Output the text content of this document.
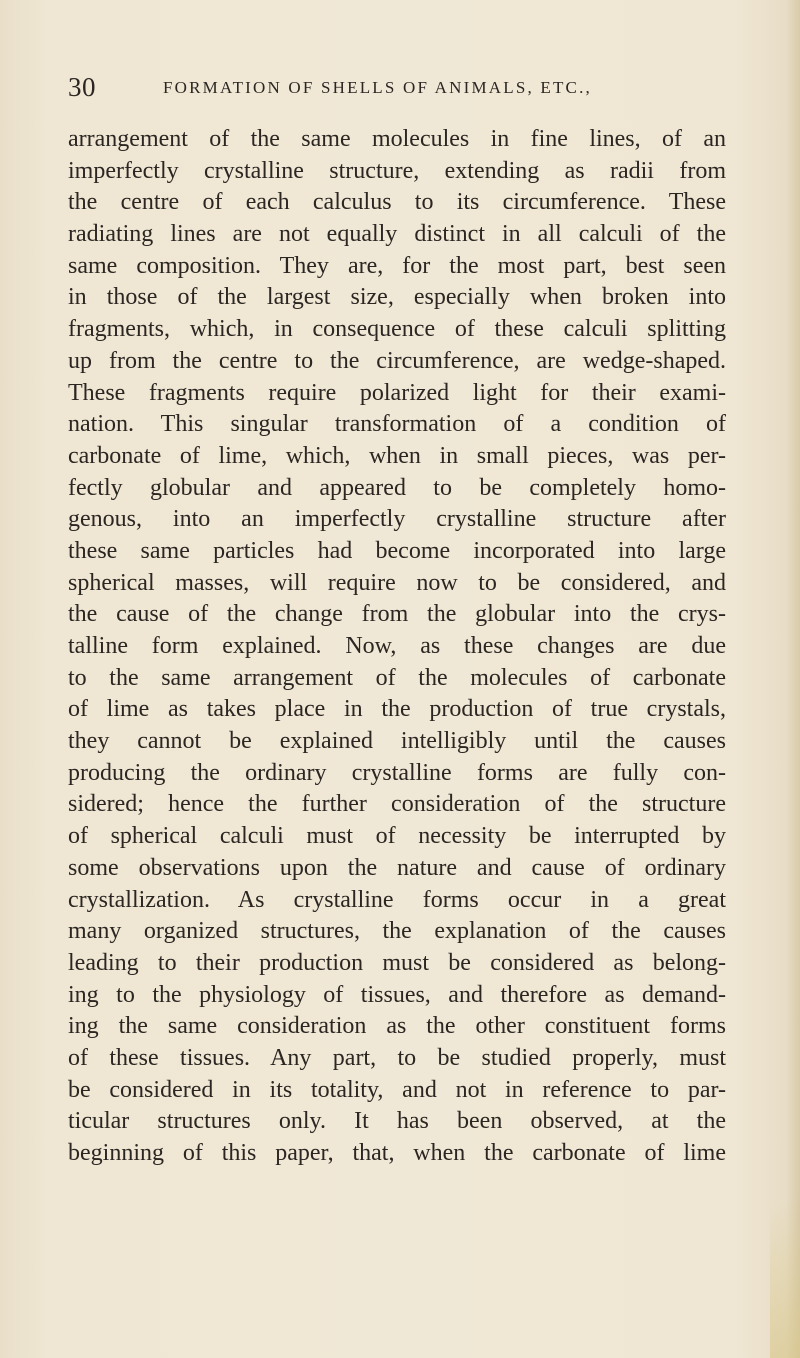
30	FORMATION OF SHELLS OF ANIMALS, ETC.,
arrangement of the same molecules in fine lines, of an
imperfectly crystalline structure, extending as radii from
the centre of each calculus to its circumference. These
radiating lines are not equally distinct in all calculi of the
same composition. They are, for the most part, best seen
in those of the largest size, especially when broken into
fragments, which, in consequence of these calculi splitting
up from the centre to the circumference, are wedge-shaped.
These fragments require polarized light for their exami-
nation. This singular transformation of a condition of
carbonate of lime, which, when in small pieces, was per-
fectly globular and appeared to be completely homo-
genous, into an imperfectly crystalline structure after
these same particles had become incorporated into large
spherical masses, will require now to be considered, and
the cause of the change from the globular into the crys-
talline form explained. Now, as these changes are due
to the same arrangement of the molecules of carbonate
of lime as takes place in the production of true crystals,
they cannot be explained intelligibly until the causes
producing the ordinary crystalline forms are fully con-
sidered; hence the further consideration of the structure
of spherical calculi must of necessity be interrupted by
some observations upon the nature and cause of ordinary
crystallization. As crystalline forms occur in a great
many organized structures, the explanation of the causes
leading to their production must be considered as belong-
ing to the physiology of tissues, and therefore as demand-
ing the same consideration as the other constituent forms
of these tissues. Any part, to be studied properly, must
be considered in its totality, and not in reference to par-
ticular structures only. It has been observed, at the
beginning of this paper, that, when the carbonate of lime
